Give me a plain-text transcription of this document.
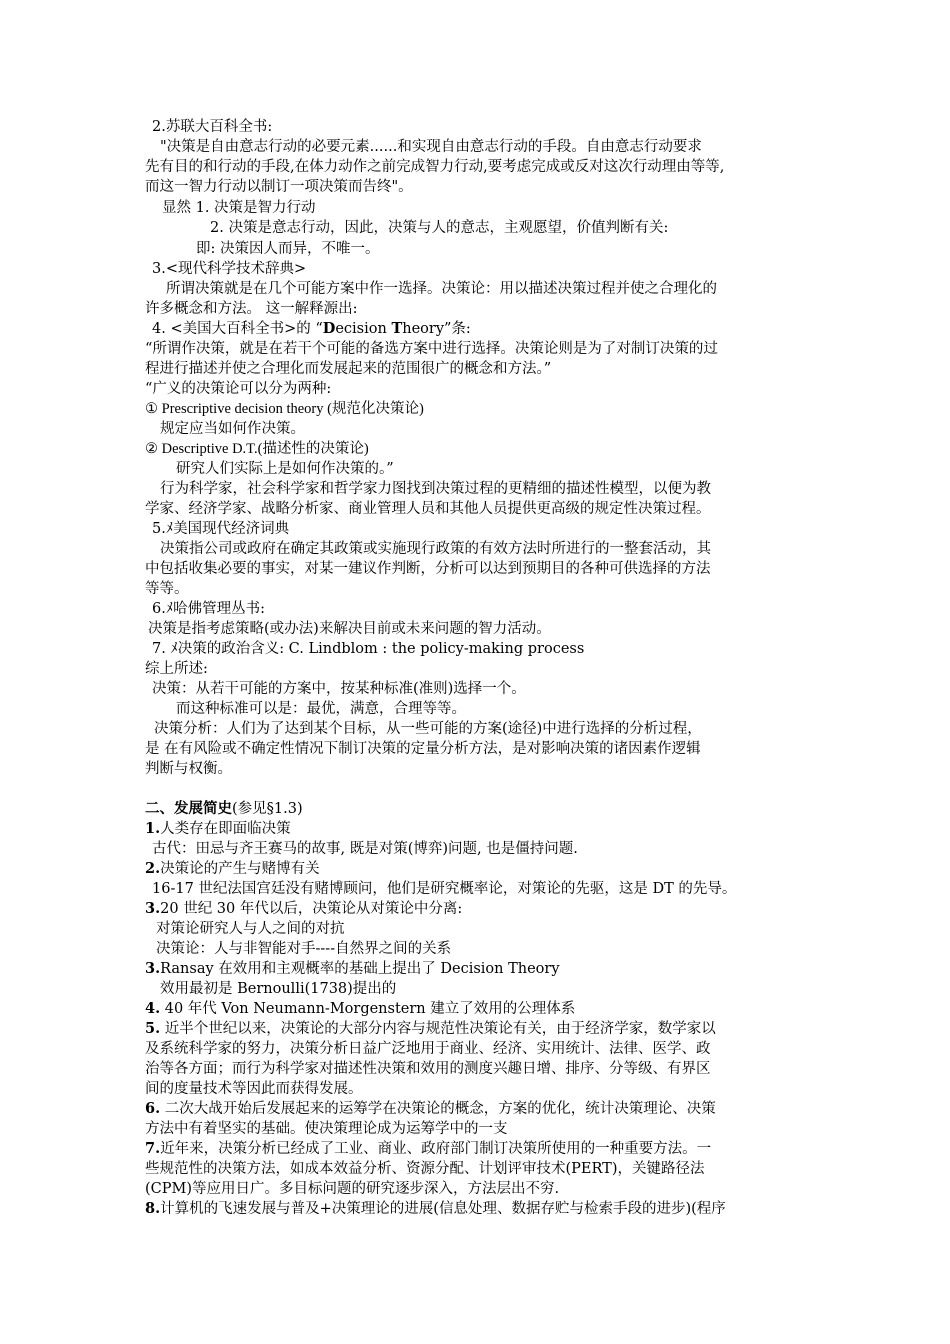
2.苏联大百科全书:
"决策是自由意志行动的必要元素......和实现自由意志行动的手段。自由意志行动要求
先有目的和行动的手段,在体力动作之前完成智力行动,要考虑完成或反对这次行动理由等等,
而这一智力行动以制订一项决策而告终"。
显然 1. 决策是智力行动
2. 决策是意志行动，因此，决策与人的意志，主观愿望，价值判断有关:
即: 决策因人而异，不唯一。
3.<现代科学技术辞典>
所谓决策就是在几个可能方案中作一选择。决策论：用以描述决策过程并使之合理化的
许多概念和方法。 这一解释源出:
4. <美国大百科全书>的 “Decision Theory”条:
“所谓作决策，就是在若干个可能的备选方案中进行选择。决策论则是为了对制订决策的过
程进行描述并使之合理化而发展起来的范围很广的概念和方法。”
“广义的决策论可以分为两种:
① Prescriptive decision theory (规范化决策论)
规定应当如何作决策。
② Descriptive D.T.(描述性的决策论)
研究人们实际上是如何作决策的。”
行为科学家，社会科学家和哲学家力图找到决策过程的更精细的描述性模型，以便为教
学家、经济学家、战略分析家、商业管理人员和其他人员提供更高级的规定性决策过程。
5.ﾒ美国现代经济词典
决策指公司或政府在确定其政策或实施现行政策的有效方法时所进行的一整套活动，其
中包括收集必要的事实，对某一建议作判断，分析可以达到预期目的各种可供选择的方法
等等。
6.ﾒ哈佛管理丛书:
决策是指考虑策略(或办法)来解决目前或未来问题的智力活动。
7. ﾒ决策的政治含义: C. Lindblom : the policy-making process
综上所述:
决策：从若干可能的方案中，按某种标准(准则)选择一个。
而这种标准可以是：最优，满意，合理等等。
决策分析：人们为了达到某个目标，从一些可能的方案(途径)中进行选择的分析过程，
是 在有风险或不确定性情况下制订决策的定量分析方法，是对影响决策的诸因素作逻辑
判断与权衡。
二、发展简史(参见§1.3)
1.人类存在即面临决策
古代：田忌与齐王赛马的故事, 既是对策(博弈)问题, 也是僵持问题.
2.决策论的产生与赌博有关
16-17 世纪法国宫廷没有赌博顾问，他们是研究概率论，对策论的先驱，这是 DT 的先导。
3.20 世纪 30 年代以后，决策论从对策论中分离:
对策论研究人与人之间的对抗
决策论：人与非智能对手----自然界之间的关系
3.Ransay 在效用和主观概率的基础上提出了 Decision Theory
效用最初是 Bernoulli(1738)提出的
4. 40 年代 Von Neumann-Morgenstern 建立了效用的公理体系
5. 近半个世纪以来，决策论的大部分内容与规范性决策论有关，由于经济学家，数学家以
及系统科学家的努力，决策分析日益广泛地用于商业、经济、实用统计、法律、医学、政
治等各方面；而行为科学家对描述性决策和效用的测度兴趣日增、排序、分等级、有界区
间的度量技术等因此而获得发展。
6. 二次大战开始后发展起来的运筹学在决策论的概念，方案的优化，统计决策理论、决策
方法中有着坚实的基础。使决策理论成为运筹学中的一支
7.近年来，决策分析已经成了工业、商业、政府部门制订决策所使用的一种重要方法。一
些规范性的决策方法，如成本效益分析、资源分配、计划评审技术(PERT)，关键路径法
(CPM)等应用日广。多目标问题的研究逐步深入，方法层出不穷.
8.计算机的飞速发展与普及+决策理论的进展(信息处理、数据存贮与检索手段的进步)(程序
